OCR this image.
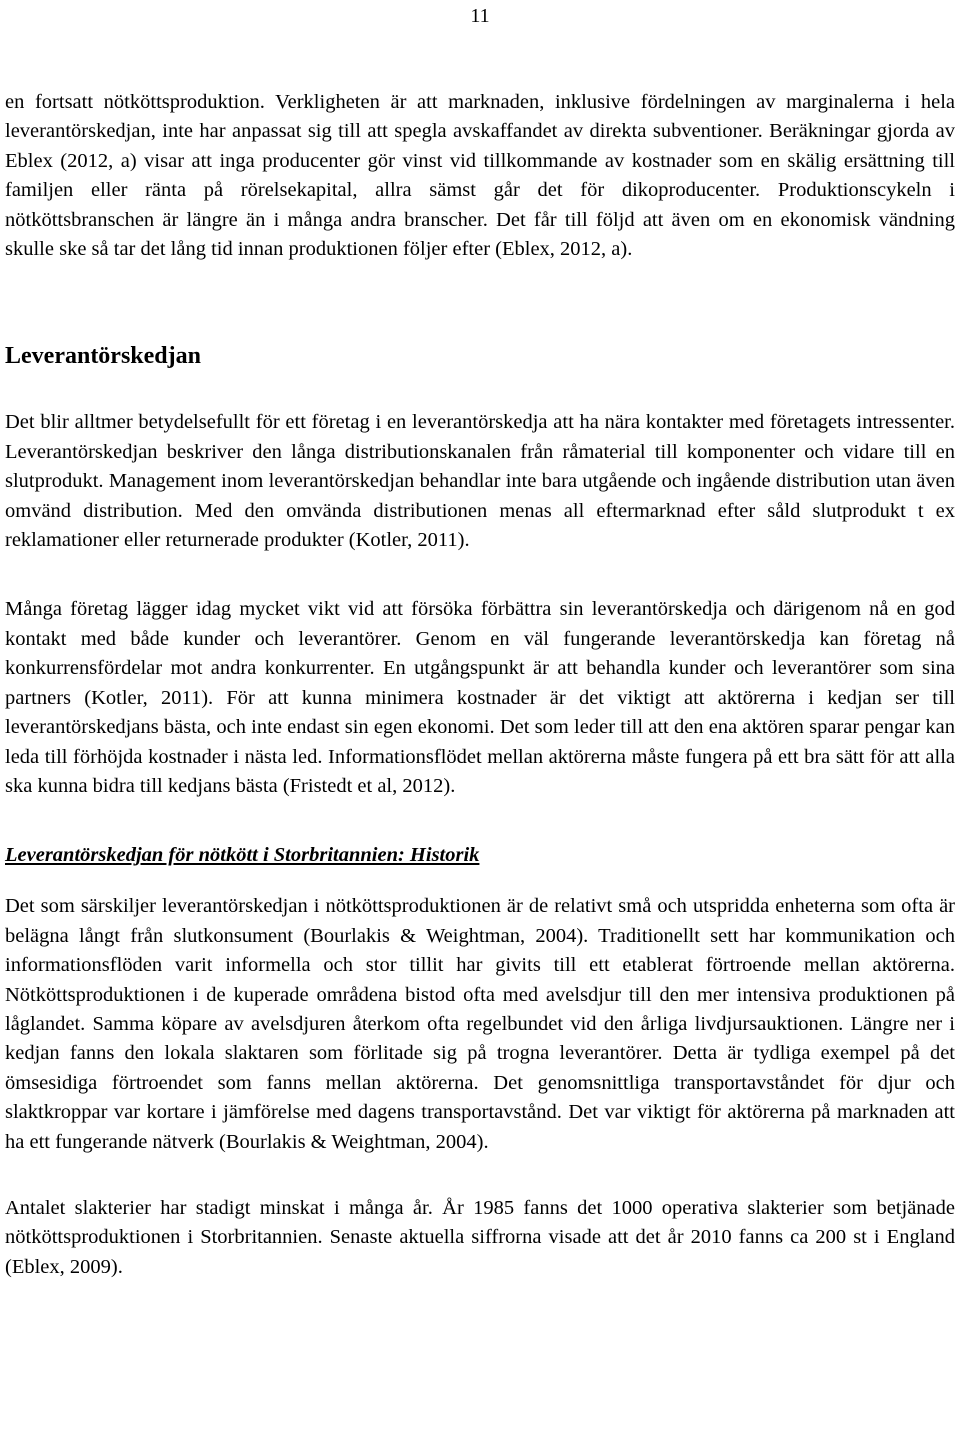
11

en fortsatt nötköttsproduktion. Verkligheten är att marknaden, inklusive fördelningen av marginalerna i hela leverantörskedjan, inte har anpassat sig till att spegla avskaffandet av direkta subventioner. Beräkningar gjorda av Eblex (2012, a) visar att inga producenter gör vinst vid tillkommande av kostnader som en skälig ersättning till familjen eller ränta på rörelsekapital, allra sämst går det för dikoproducenter. Produktionscykeln i nötköttsbranschen är längre än i många andra branscher. Det får till följd att även om en ekonomisk vändning skulle ske så tar det lång tid innan produktionen följer efter (Eblex, 2012, a).

Leverantörskedjan

Det blir alltmer betydelsefullt för ett företag i en leverantörskedja att ha nära kontakter med företagets intressenter. Leverantörskedjan beskriver den långa distributionskanalen från råmaterial till komponenter och vidare till en slutprodukt. Management inom leverantörskedjan behandlar inte bara utgående och ingående distribution utan även omvänd distribution. Med den omvända distributionen menas all eftermarknad efter såld slutprodukt t ex reklamationer eller returnerade produkter (Kotler, 2011).

Många företag lägger idag mycket vikt vid att försöka förbättra sin leverantörskedja och därigenom nå en god kontakt med både kunder och leverantörer. Genom en väl fungerande leverantörskedja kan företag nå konkurrensfördelar mot andra konkurrenter. En utgångspunkt är att behandla kunder och leverantörer som sina partners (Kotler, 2011). För att kunna minimera kostnader är det viktigt att aktörerna i kedjan ser till leverantörskedjans bästa, och inte endast sin egen ekonomi. Det som leder till att den ena aktören sparar pengar kan leda till förhöjda kostnader i nästa led. Informationsflödet mellan aktörerna måste fungera på ett bra sätt för att alla ska kunna bidra till kedjans bästa (Fristedt et al, 2012).

Leverantörskedjan för nötkött i Storbritannien: Historik

Det som särskiljer leverantörskedjan i nötköttsproduktionen är de relativt små och utspridda enheterna som ofta är belägna långt från slutkonsument (Bourlakis & Weightman, 2004). Traditionellt sett har kommunikation och informationsflöden varit informella och stor tillit har givits till ett etablerat förtroende mellan aktörerna. Nötköttsproduktionen i de kuperade områdena bistod ofta med avelsdjur till den mer intensiva produktionen på låglandet. Samma köpare av avelsdjuren återkom ofta regelbundet vid den årliga livdjursauktionen. Längre ner i kedjan fanns den lokala slaktaren som förlitade sig på trogna leverantörer. Detta är tydliga exempel på det ömsesidiga förtroendet som fanns mellan aktörerna. Det genomsnittliga transportavståndet för djur och slaktkroppar var kortare i jämförelse med dagens transportavstånd. Det var viktigt för aktörerna på marknaden att ha ett fungerande nätverk (Bourlakis & Weightman, 2004).

Antalet slakterier har stadigt minskat i många år. År 1985 fanns det 1000 operativa slakterier som betjänade nötköttsproduktionen i Storbritannien. Senaste aktuella siffrorna visade att det år 2010 fanns ca 200 st i England (Eblex, 2009).
